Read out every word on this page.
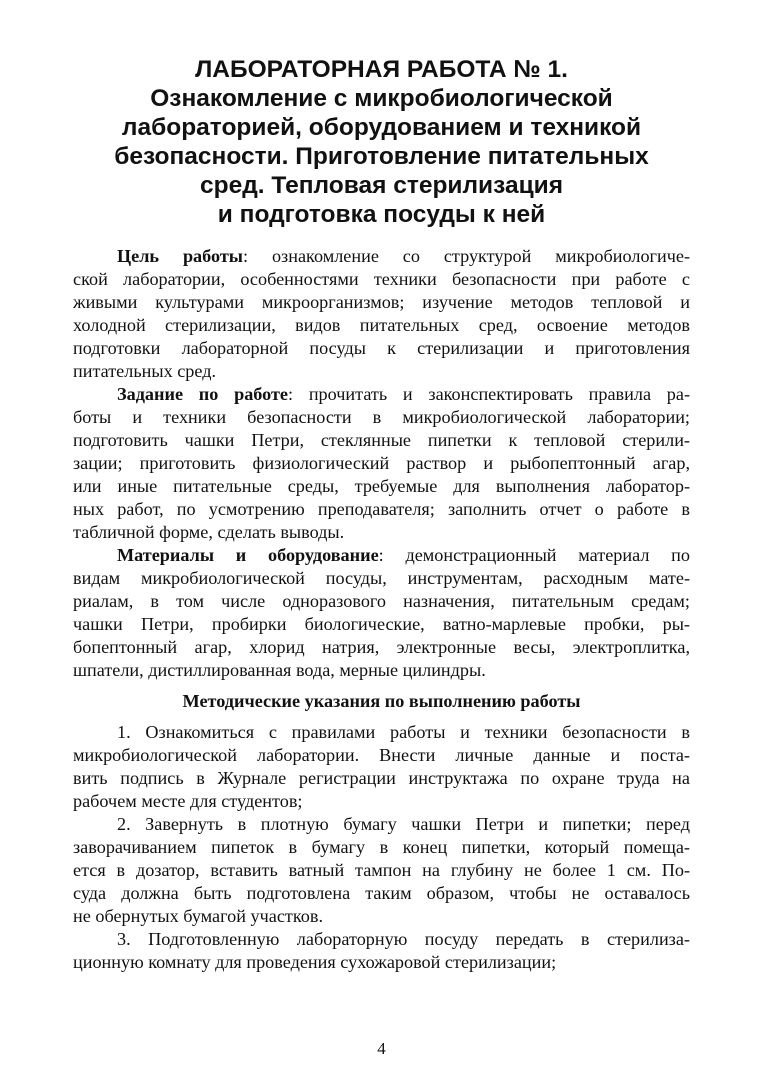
ЛАБОРАТОРНАЯ РАБОТА № 1.
Ознакомление с микробиологической
лабораторией, оборудованием и техникой
безопасности. Приготовление питательных
сред. Тепловая стерилизация
и подготовка посуды к ней
Цель работы: ознакомление со структурой микробиологиче-
ской лаборатории, особенностями техники безопасности при работе с
живыми культурами микроорганизмов; изучение методов тепловой и
холодной стерилизации, видов питательных сред, освоение методов
подготовки лабораторной посуды к стерилизации и приготовления
питательных сред.
Задание по работе: прочитать и законспектировать правила ра-
боты и техники безопасности в микробиологической лаборатории;
подготовить чашки Петри, стеклянные пипетки к тепловой стерили-
зации; приготовить физиологический раствор и рыбопептонный агар,
или иные питательные среды, требуемые для выполнения лаборатор-
ных работ, по усмотрению преподавателя; заполнить отчет о работе в
табличной форме, сделать выводы.
Материалы и оборудование: демонстрационный материал по
видам микробиологической посуды, инструментам, расходным мате-
риалам, в том числе одноразового назначения, питательным средам;
чашки Петри, пробирки биологические, ватно-марлевые пробки, ры-
бопептонный агар, хлорид натрия, электронные весы, электроплитка,
шпатели, дистиллированная вода, мерные цилиндры.
Методические указания по выполнению работы
1. Ознакомиться с правилами работы и техники безопасности в
микробиологической лаборатории. Внести личные данные и поста-
вить подпись в Журнале регистрации инструктажа по охране труда на
рабочем месте для студентов;
2. Завернуть в плотную бумагу чашки Петри и пипетки; перед
заворачиванием пипеток в бумагу в конец пипетки, который помеща-
ется в дозатор, вставить ватный тампон на глубину не более 1 см. По-
суда должна быть подготовлена таким образом, чтобы не оставалось
не обернутых бумагой участков.
3. Подготовленную лабораторную посуду передать в стерилиза-
ционную комнату для проведения сухожаровой стерилизации;
4
